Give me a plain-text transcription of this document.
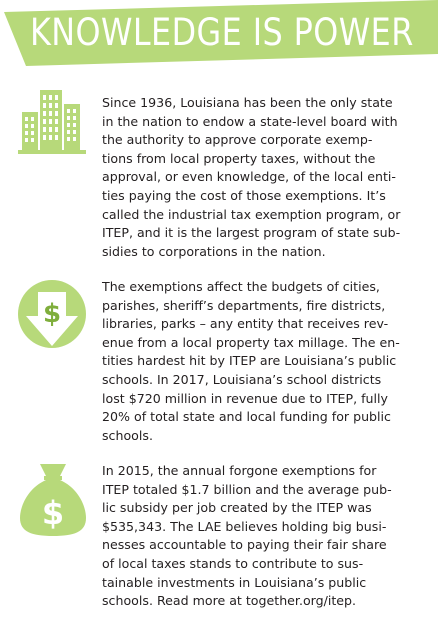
KNOWLEDGE IS POWER

Since 1936, Louisiana has been the only state
in the nation to endow a state-level board with
the authority to approve corporate exemp-
tions from local property taxes, without the
approval, or even knowledge, of the local enti-
ties paying the cost of those exemptions. It’s
called the industrial tax exemption program, or
ITEP, and it is the largest program of state sub-
sidies to corporations in the nation.

$

The exemptions affect the budgets of cities,
parishes, sheriff’s departments, fire districts,
libraries, parks – any entity that receives rev-
enue from a local property tax millage. The en-
tities hardest hit by ITEP are Louisiana’s public
schools. In 2017, Louisiana’s school districts
lost $720 million in revenue due to ITEP, fully
20% of total state and local funding for public
schools.

$

In 2015, the annual forgone exemptions for
ITEP totaled $1.7 billion and the average pub-
lic subsidy per job created by the ITEP was
$535,343. The LAE believes holding big busi-
nesses accountable to paying their fair share
of local taxes stands to contribute to sus-
tainable investments in Louisiana’s public
schools. Read more at together.org/itep.
